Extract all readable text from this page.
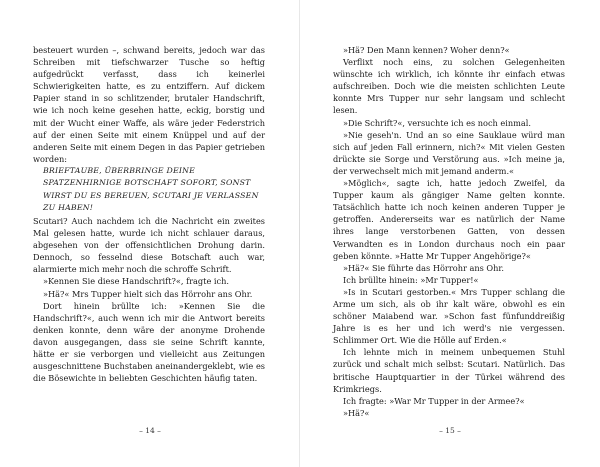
besteuert wurden –, schwand bereits, jedoch war das Schreiben mit tiefschwarzer Tusche so heftig aufgedrückt verfasst, dass ich keinerlei Schwierigkeiten hatte, es zu entziffern. Auf dickem Papier stand in so schlitzender, brutaler Handschrift, wie ich noch keine gesehen hatte, eckig, borstig und mit der Wucht einer Waffe, als wäre jeder Federstrich auf der einen Seite mit einem Knüppel und auf der anderen Seite mit einem Degen in das Papier getrieben worden:

BRIEFTAUBE, ÜBERBRINGE DEINE SPATZENHIRNIGE BOTSCHAFT SOFORT, SONST WIRST DU ES BEREUEN, SCUTARI JE VERLASSEN ZU HABEN!

Scutari? Auch nachdem ich die Nachricht ein zweites Mal gelesen hatte, wurde ich nicht schlauer daraus, abgesehen von der offensichtlichen Drohung darin. Dennoch, so fesselnd diese Botschaft auch war, alarmierte mich mehr noch die schroffe Schrift.

»Kennen Sie diese Handschrift?«, fragte ich.

»Hä?« Mrs Tupper hielt sich das Hörrohr ans Ohr.

Dort hinein brüllte ich: »Kennen Sie die Handschrift?«, auch wenn ich mir die Antwort bereits denken konnte, denn wäre der anonyme Drohende davon ausgegangen, dass sie seine Schrift kannte, hätte er sie verborgen und vielleicht aus Zeitungen ausgeschnittene Buchstaben aneinandergeklebt, wie es die Bösewichte in beliebten Geschichten häufig taten.

– 14 –

»Hä? Den Mann kennen? Woher denn?«

Verflixt noch eins, zu solchen Gelegenheiten wünschte ich wirklich, ich könnte ihr einfach etwas aufschreiben. Doch wie die meisten schlichten Leute konnte Mrs Tupper nur sehr langsam und schlecht lesen.

»Die Schrift?«, versuchte ich es noch einmal.

»Nie geseh'n. Und an so eine Sauklaue würd man sich auf jeden Fall erinnern, nich?« Mit vielen Gesten drückte sie Sorge und Verstörung aus. »Ich meine ja, der verwechselt mich mit jemand anderm.«

»Möglich«, sagte ich, hatte jedoch Zweifel, da Tupper kaum als gängiger Name gelten konnte. Tatsächlich hatte ich noch keinen anderen Tupper je getroffen. Andererseits war es natürlich der Name ihres lange verstorbenen Gatten, von dessen Verwandten es in London durchaus noch ein paar geben könnte. »Hatte Mr Tupper Angehörige?«

»Hä?« Sie führte das Hörrohr ans Ohr.

Ich brüllte hinein: »Mr Tupper!«

»Is in Scutari gestorben.« Mrs Tupper schlang die Arme um sich, als ob ihr kalt wäre, obwohl es ein schöner Maiabend war. »Schon fast fünfunddreißig Jahre is es her und ich werd's nie vergessen. Schlimmer Ort. Wie die Hölle auf Erden.«

Ich lehnte mich in meinem unbequemen Stuhl zurück und schalt mich selbst: Scutari. Natürlich. Das britische Hauptquartier in der Türkei während des Krimkriegs.

Ich fragte: »War Mr Tupper in der Armee?«

»Hä?«

– 15 –
